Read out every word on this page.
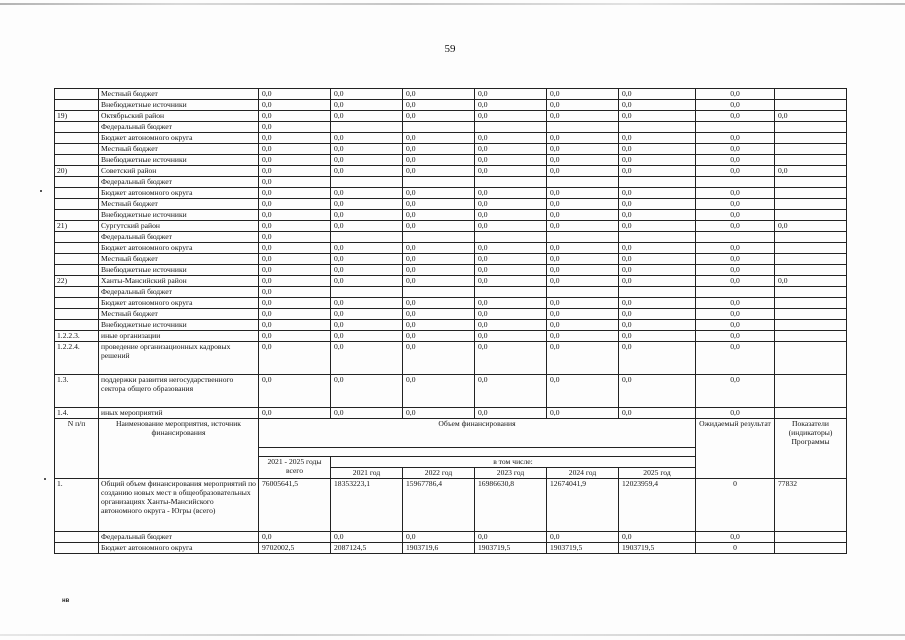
59
	Местный бюджет	0,0	0,0	0,0	0,0	0,0	0,0	0,0	
	Внебюджетные источники	0,0	0,0	0,0	0,0	0,0	0,0	0,0	
19)	Октябрьский район	0,0	0,0	0,0	0,0	0,0	0,0	0,0	0,0
	Федеральный бюджет	0,0							
	Бюджет автономного округа	0,0	0,0	0,0	0,0	0,0	0,0	0,0	
	Местный бюджет	0,0	0,0	0,0	0,0	0,0	0,0	0,0	
	Внебюджетные источники	0,0	0,0	0,0	0,0	0,0	0,0	0,0	
20)	Советский район	0,0	0,0	0,0	0,0	0,0	0,0	0,0	0,0
	Федеральный бюджет	0,0							
	Бюджет автономного округа	0,0	0,0	0,0	0,0	0,0	0,0	0,0	
	Местный бюджет	0,0	0,0	0,0	0,0	0,0	0,0	0,0	
	Внебюджетные источники	0,0	0,0	0,0	0,0	0,0	0,0	0,0	
21)	Сургутский район	0,0	0,0	0,0	0,0	0,0	0,0	0,0	0,0
	Федеральный бюджет	0,0							
	Бюджет автономного округа	0,0	0,0	0,0	0,0	0,0	0,0	0,0	
	Местный бюджет	0,0	0,0	0,0	0,0	0,0	0,0	0,0	
	Внебюджетные источники	0,0	0,0	0,0	0,0	0,0	0,0	0,0	
22)	Ханты-Мансийский район	0,0	0,0	0,0	0,0	0,0	0,0	0,0	0,0
	Федеральный бюджет	0,0							
	Бюджет автономного округа	0,0	0,0	0,0	0,0	0,0	0,0	0,0	
	Местный бюджет	0,0	0,0	0,0	0,0	0,0	0,0	0,0	
	Внебюджетные источники	0,0	0,0	0,0	0,0	0,0	0,0	0,0	
1.2.2.3.	иные организации	0,0	0,0	0,0	0,0	0,0	0,0	0,0	
1.2.2.4.	проведение организационных кадровых решений	0,0	0,0	0,0	0,0	0,0	0,0	0,0	
1.3.	поддержки развития негосударственного сектора общего образования	0,0	0,0	0,0	0,0	0,0	0,0	0,0	
1.4.	иных мероприятий	0,0	0,0	0,0	0,0	0,0	0,0	0,0	
N п/п	Наименование мероприятия, источник финансирования	Объем финансирования						Ожидаемый результат	Показатели (индикаторы) Программы

		2021 - 2025 годы всего	в том числе:						
			2021 год	2022 год	2023 год	2024 год	2025 год		
1.	Общий объем финансирования мероприятий по созданию новых мест в общеобразовательных организациях Ханты-Мансийского автономного округа - Югры (всего)	76005641,5	18353223,1	15967786,4	16986630,8	12674041,9	12023959,4	0	77832
	Федеральный бюджет	0,0	0,0	0,0	0,0	0,0	0,0	0,0	
	Бюджет автономного округа	9702002,5	2087124,5	1903719,6	1903719,5	1903719,5	1903719,5	0	
нв
